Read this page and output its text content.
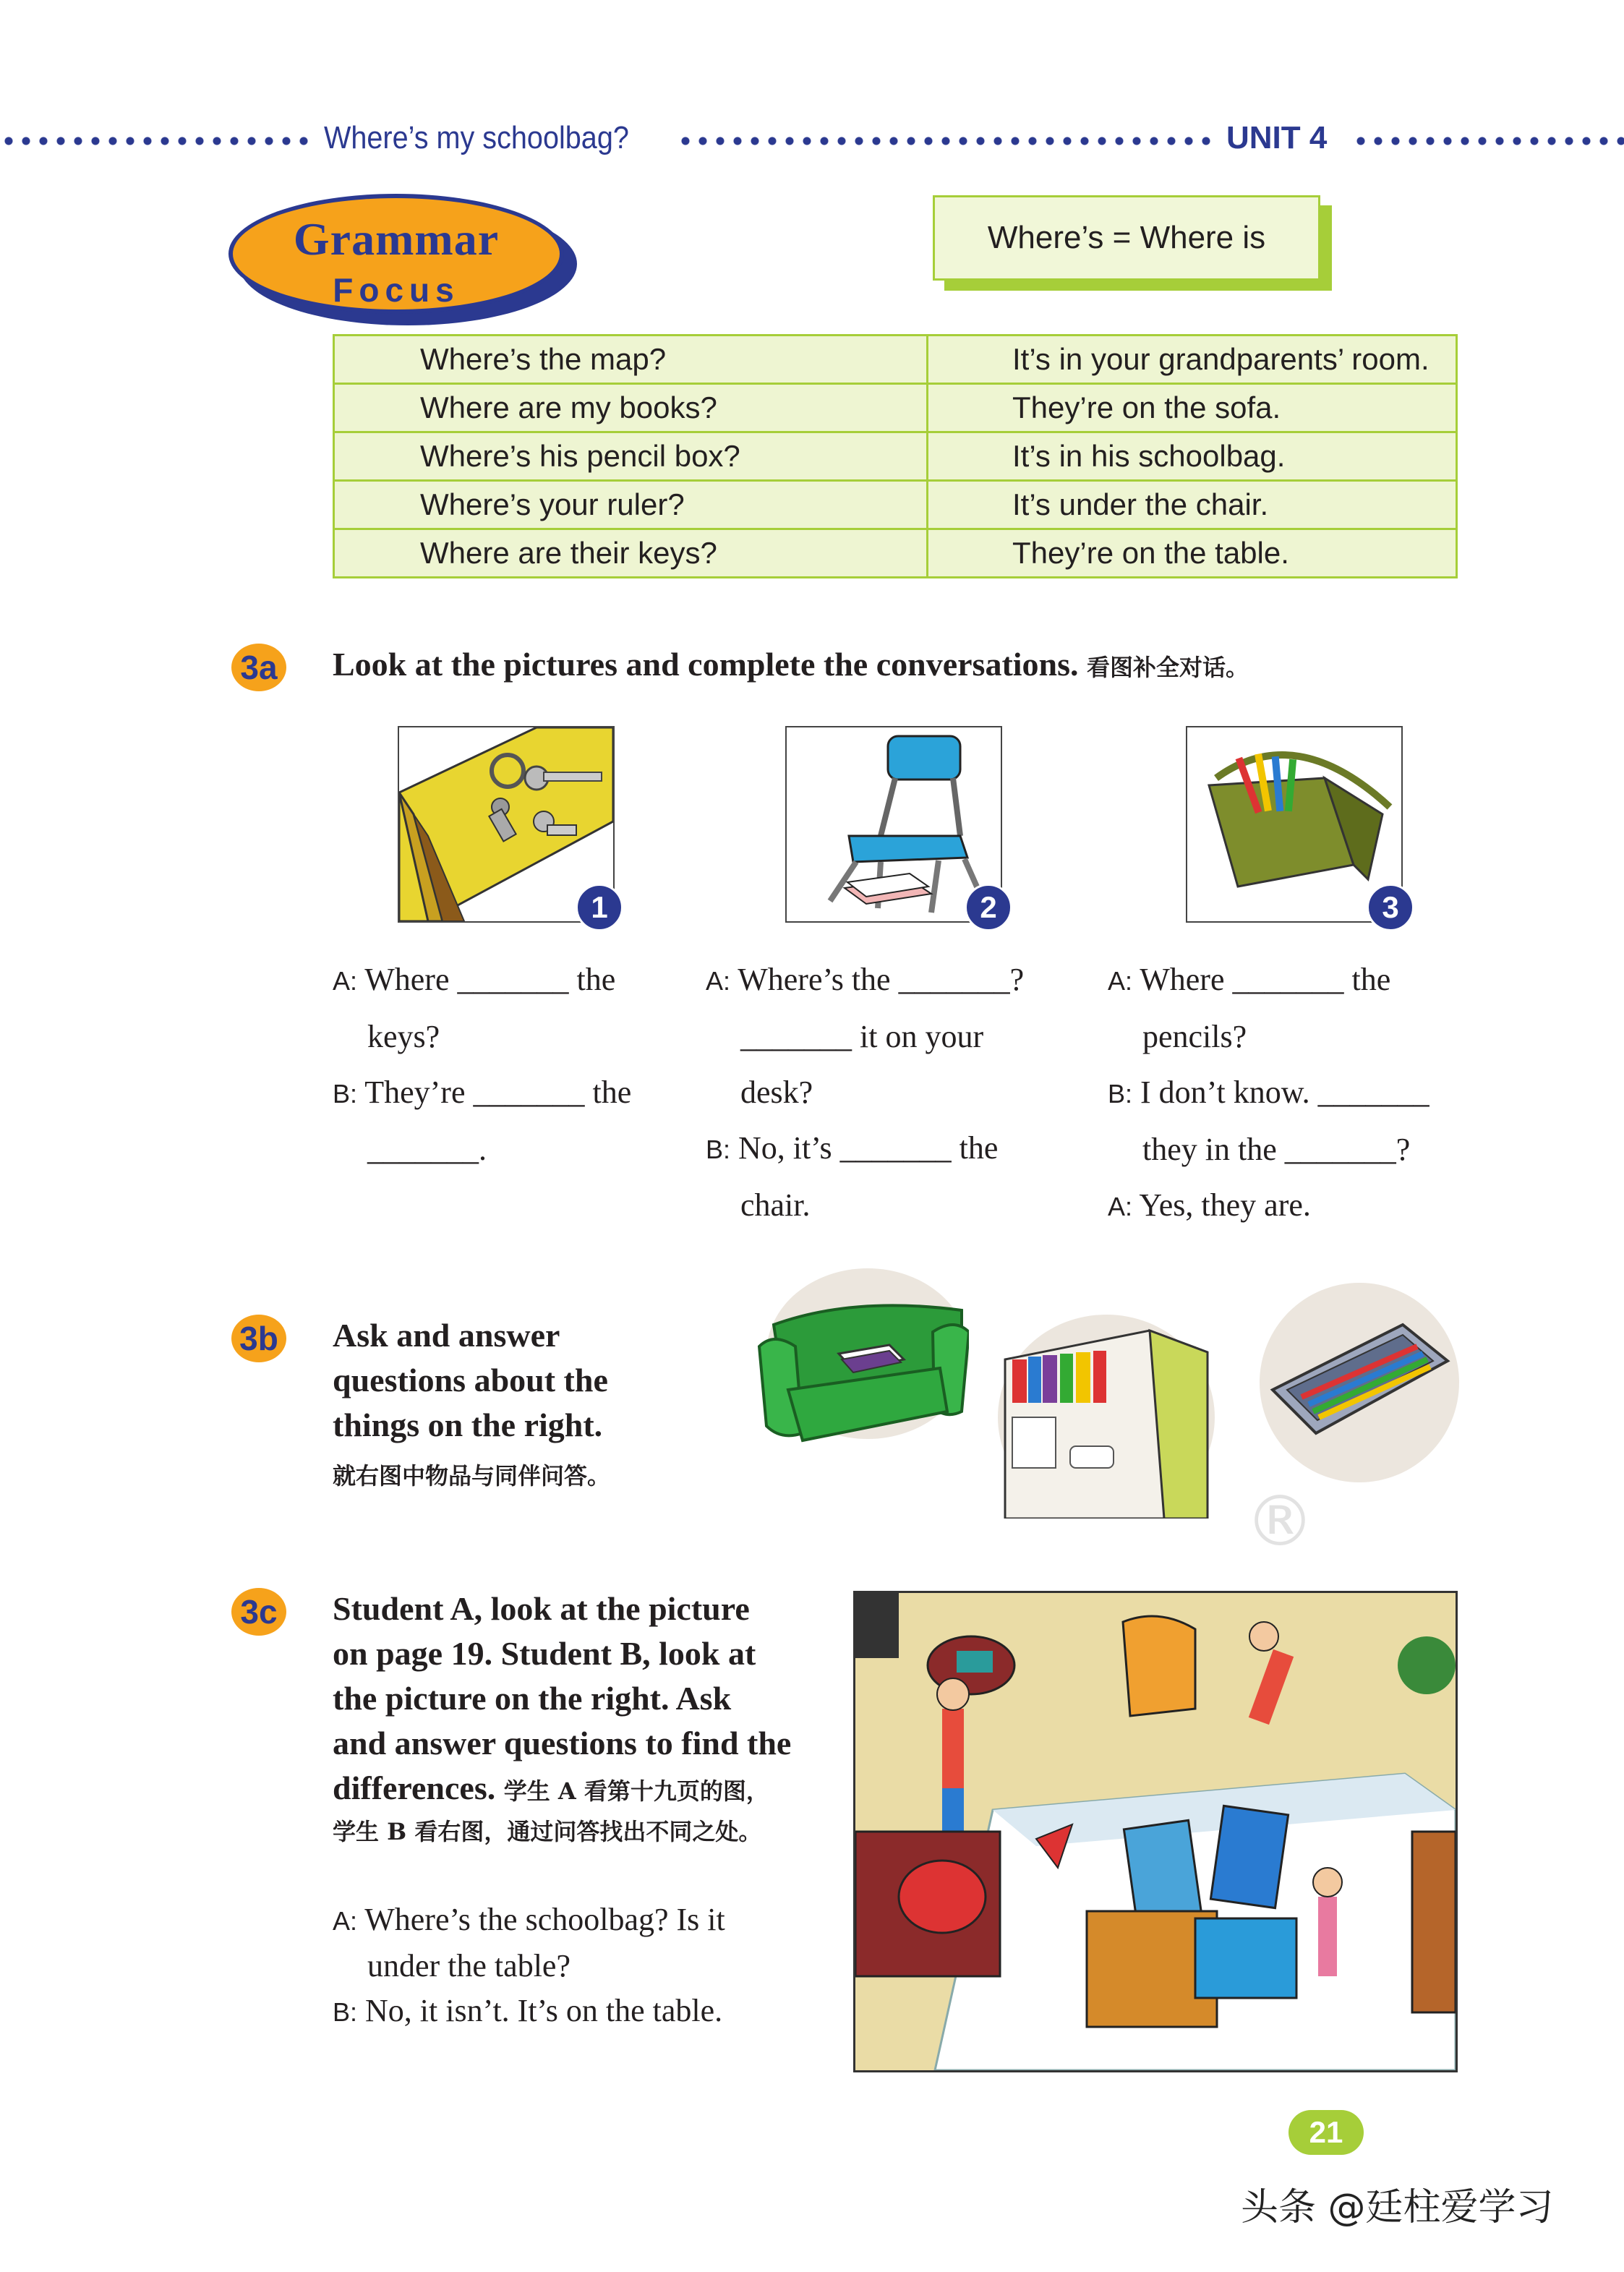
Where’s my schoolbag?	UNIT 4
Grammar
Focus
Where’s = Where is
Where’s the map?	It’s in your grandparents’ room.
Where are my books?	They’re on the sofa.
Where’s his pencil box?	It’s in his schoolbag.
Where’s your ruler?	It’s under the chair.
Where are their keys?	They’re on the table.
3a Look at the pictures and complete the conversations. 看图补全对话。
1	2	3
A: Where _______ the
keys?
B: They’re _______ the
_______.
A: Where’s the _______?
_______ it on your
desk?
B: No, it’s _______ the
chair.
A: Where _______ the
pencils?
B: I don’t know. _______
they in the _______?
A: Yes, they are.
3b Ask and answer
questions about the
things on the right.
就右图中物品与同伴问答。
®
3c Student A, look at the picture
on page 19. Student B, look at
the picture on the right. Ask
and answer questions to find the
differences. 学生 A 看第十九页的图，
学生 B 看右图，通过问答找出不同之处。
A: Where’s the schoolbag? Is it
under the table?
B: No, it isn’t. It’s on the table.
21
头条 @廷柱爱学习
